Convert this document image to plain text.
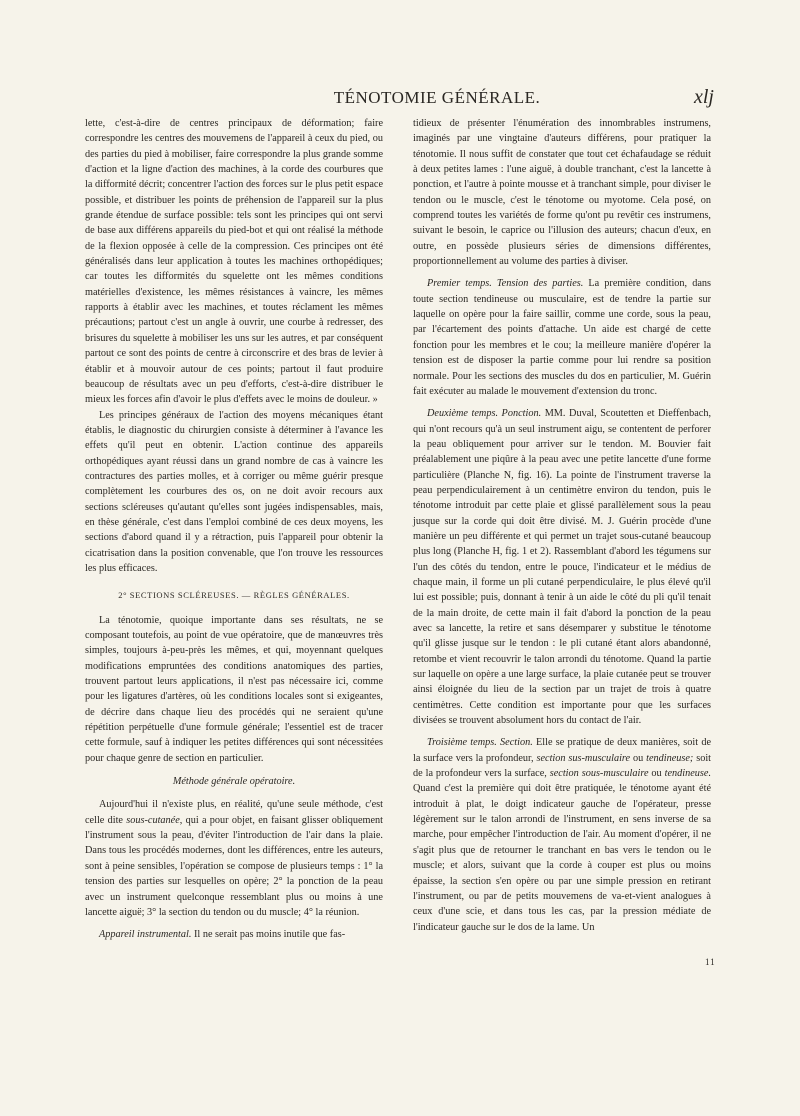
TÉNOTOMIE GÉNÉRALE.	xlj

lette, c'est-à-dire de centres principaux de déformation; faire correspondre les centres des mouvemens de l'appareil à ceux du pied, ou des parties du pied à mobiliser, faire correspondre la plus grande somme d'action et la ligne d'action des machines, à la corde des courbures que la difformité décrit; concentrer l'action des forces sur le plus petit espace possible, et distribuer les points de préhension de l'appareil sur la plus grande étendue de surface possible: tels sont les principes qui ont servi de base aux différens appareils du pied-bot et qui ont réalisé la méthode de la flexion opposée à celle de la compression. Ces principes ont été généralisés dans leur application à toutes les machines orthopédiques; car toutes les difformités du squelette ont les mêmes conditions matérielles d'existence, les mêmes résistances à vaincre, les mêmes rapports à établir avec les machines, et toutes réclament les mêmes précautions; partout c'est un angle à ouvrir, une courbe à redresser, des brisures du squelette à mobiliser les uns sur les autres, et par conséquent partout ce sont des points de centre à circonscrire et des bras de levier à établir et à mouvoir autour de ces points; partout il faut produire beaucoup de résultats avec un peu d'efforts, c'est-à-dire distribuer le mieux les forces afin d'avoir le plus d'effets avec le moins de douleur. »

Les principes généraux de l'action des moyens mécaniques étant établis, le diagnostic du chirurgien consiste à déterminer à l'avance les effets qu'il peut en obtenir. L'action continue des appareils orthopédiques ayant réussi dans un grand nombre de cas à vaincre les contractures des parties molles, et à corriger ou même guérir presque complètement les courbures des os, on ne doit avoir recours aux sections scléreuses qu'autant qu'elles sont jugées indispensables, mais, en thèse générale, c'est dans l'emploi combiné de ces deux moyens, les sections d'abord quand il y a rétraction, puis l'appareil pour obtenir la cicatrisation dans la position convenable, que l'on trouve les ressources les plus efficaces.

2° SECTIONS SCLÉREUSES. — RÈGLES GÉNÉRALES.

La ténotomie, quoique importante dans ses résultats, ne se composant toutefois, au point de vue opératoire, que de manœuvres très simples, toujours à-peu-près les mêmes, et qui, moyennant quelques modifications empruntées des conditions anatomiques des parties, trouvent partout leurs applications, il n'est pas nécessaire ici, comme pour les ligatures d'artères, où les conditions locales sont si exigeantes, de décrire dans chaque lieu des procédés qui ne seraient qu'une répétition perpétuelle d'une formule générale; l'essentiel est de tracer cette formule, sauf à indiquer les petites différences qui sont nécessitées pour chaque genre de section en particulier.

Méthode générale opératoire.

Aujourd'hui il n'existe plus, en réalité, qu'une seule méthode, c'est celle dite sous-cutanée, qui a pour objet, en faisant glisser obliquement l'instrument sous la peau, d'éviter l'introduction de l'air dans la plaie. Dans tous les procédés modernes, dont les différences, entre les auteurs, sont à peine sensibles, l'opération se compose de plusieurs temps : 1° la tension des parties sur lesquelles on opère; 2° la ponction de la peau avec un instrument quelconque ressemblant plus ou moins à une lancette aiguë; 3° la section du tendon ou du muscle; 4° la réunion.

Appareil instrumental. Il ne serait pas moins inutile que fas-

tidieux de présenter l'énumération des innombrables instrumens, imaginés par une vingtaine d'auteurs différens, pour pratiquer la ténotomie. Il nous suffit de constater que tout cet échafaudage se réduit à deux petites lames : l'une aiguë, à double tranchant, c'est la lancette à ponction, et l'autre à pointe mousse et à tranchant simple, pour diviser le tendon ou le muscle, c'est le ténotome ou myotome. Cela posé, on comprend toutes les variétés de forme qu'ont pu revêtir ces instrumens, suivant le besoin, le caprice ou l'illusion des auteurs; chacun d'eux, en outre, en possède plusieurs séries de dimensions différentes, proportionnellement au volume des parties à diviser.

Premier temps. Tension des parties. La première condition, dans toute section tendineuse ou musculaire, est de tendre la partie sur laquelle on opère pour la faire saillir, comme une corde, sous la peau, par l'écartement des points d'attache. Un aide est chargé de cette fonction pour les membres et le cou; la meilleure manière d'opérer la tension est de disposer la partie comme pour lui rendre sa position normale. Pour les sections des muscles du dos en particulier, M. Guérin fait exécuter au malade le mouvement d'extension du tronc.

Deuxième temps. Ponction. MM. Duval, Scoutetten et Dieffenbach, qui n'ont recours qu'à un seul instrument aigu, se contentent de perforer la peau obliquement pour arriver sur le tendon. M. Bouvier fait préalablement une piqûre à la peau avec une petite lancette d'une forme particulière (Planche N, fig. 16). La pointe de l'instrument traverse la peau perpendiculairement à un centimètre environ du tendon, puis le ténotome introduit par cette plaie et glissé parallèlement sous la peau jusque sur la corde qui doit être divisé. M. J. Guérin procède d'une manière un peu différente et qui permet un trajet sous-cutané beaucoup plus long (Planche H, fig. 1 et 2). Rassemblant d'abord les tégumens sur l'un des côtés du tendon, entre le pouce, l'indicateur et le médius de chaque main, il forme un pli cutané perpendiculaire, le plus élevé qu'il lui est possible; puis, donnant à tenir à un aide le côté du pli qu'il tenait de la main droite, de cette main il fait d'abord la ponction de la peau avec sa lancette, la retire et sans désemparer y substitue le ténotome qu'il glisse jusque sur le tendon : le pli cutané étant alors abandonné, retombe et vient recouvrir le talon arrondi du ténotome. Quand la partie sur laquelle on opère a une large surface, la plaie cutanée peut se trouver ainsi éloignée du lieu de la section par un trajet de trois à quatre centimètres. Cette condition est importante pour que les surfaces divisées se trouvent absolument hors du contact de l'air.

Troisième temps. Section. Elle se pratique de deux manières, soit de la surface vers la profondeur, section sus-musculaire ou tendineuse; soit de la profondeur vers la surface, section sous-musculaire ou tendineuse. Quand c'est la première qui doit être pratiquée, le ténotome ayant été introduit à plat, le doigt indicateur gauche de l'opérateur, presse légèrement sur le talon arrondi de l'instrument, en sens inverse de sa marche, pour empêcher l'introduction de l'air. Au moment d'opérer, il ne s'agit plus que de retourner le tranchant en bas vers le tendon ou le muscle; et alors, suivant que la corde à couper est plus ou moins épaisse, la section s'en opère ou par une simple pression en retirant l'instrument, ou par de petits mouvemens de va-et-vient analogues à ceux d'une scie, et dans tous les cas, par la pression médiate de l'indicateur gauche sur le dos de la lame. Un

11
